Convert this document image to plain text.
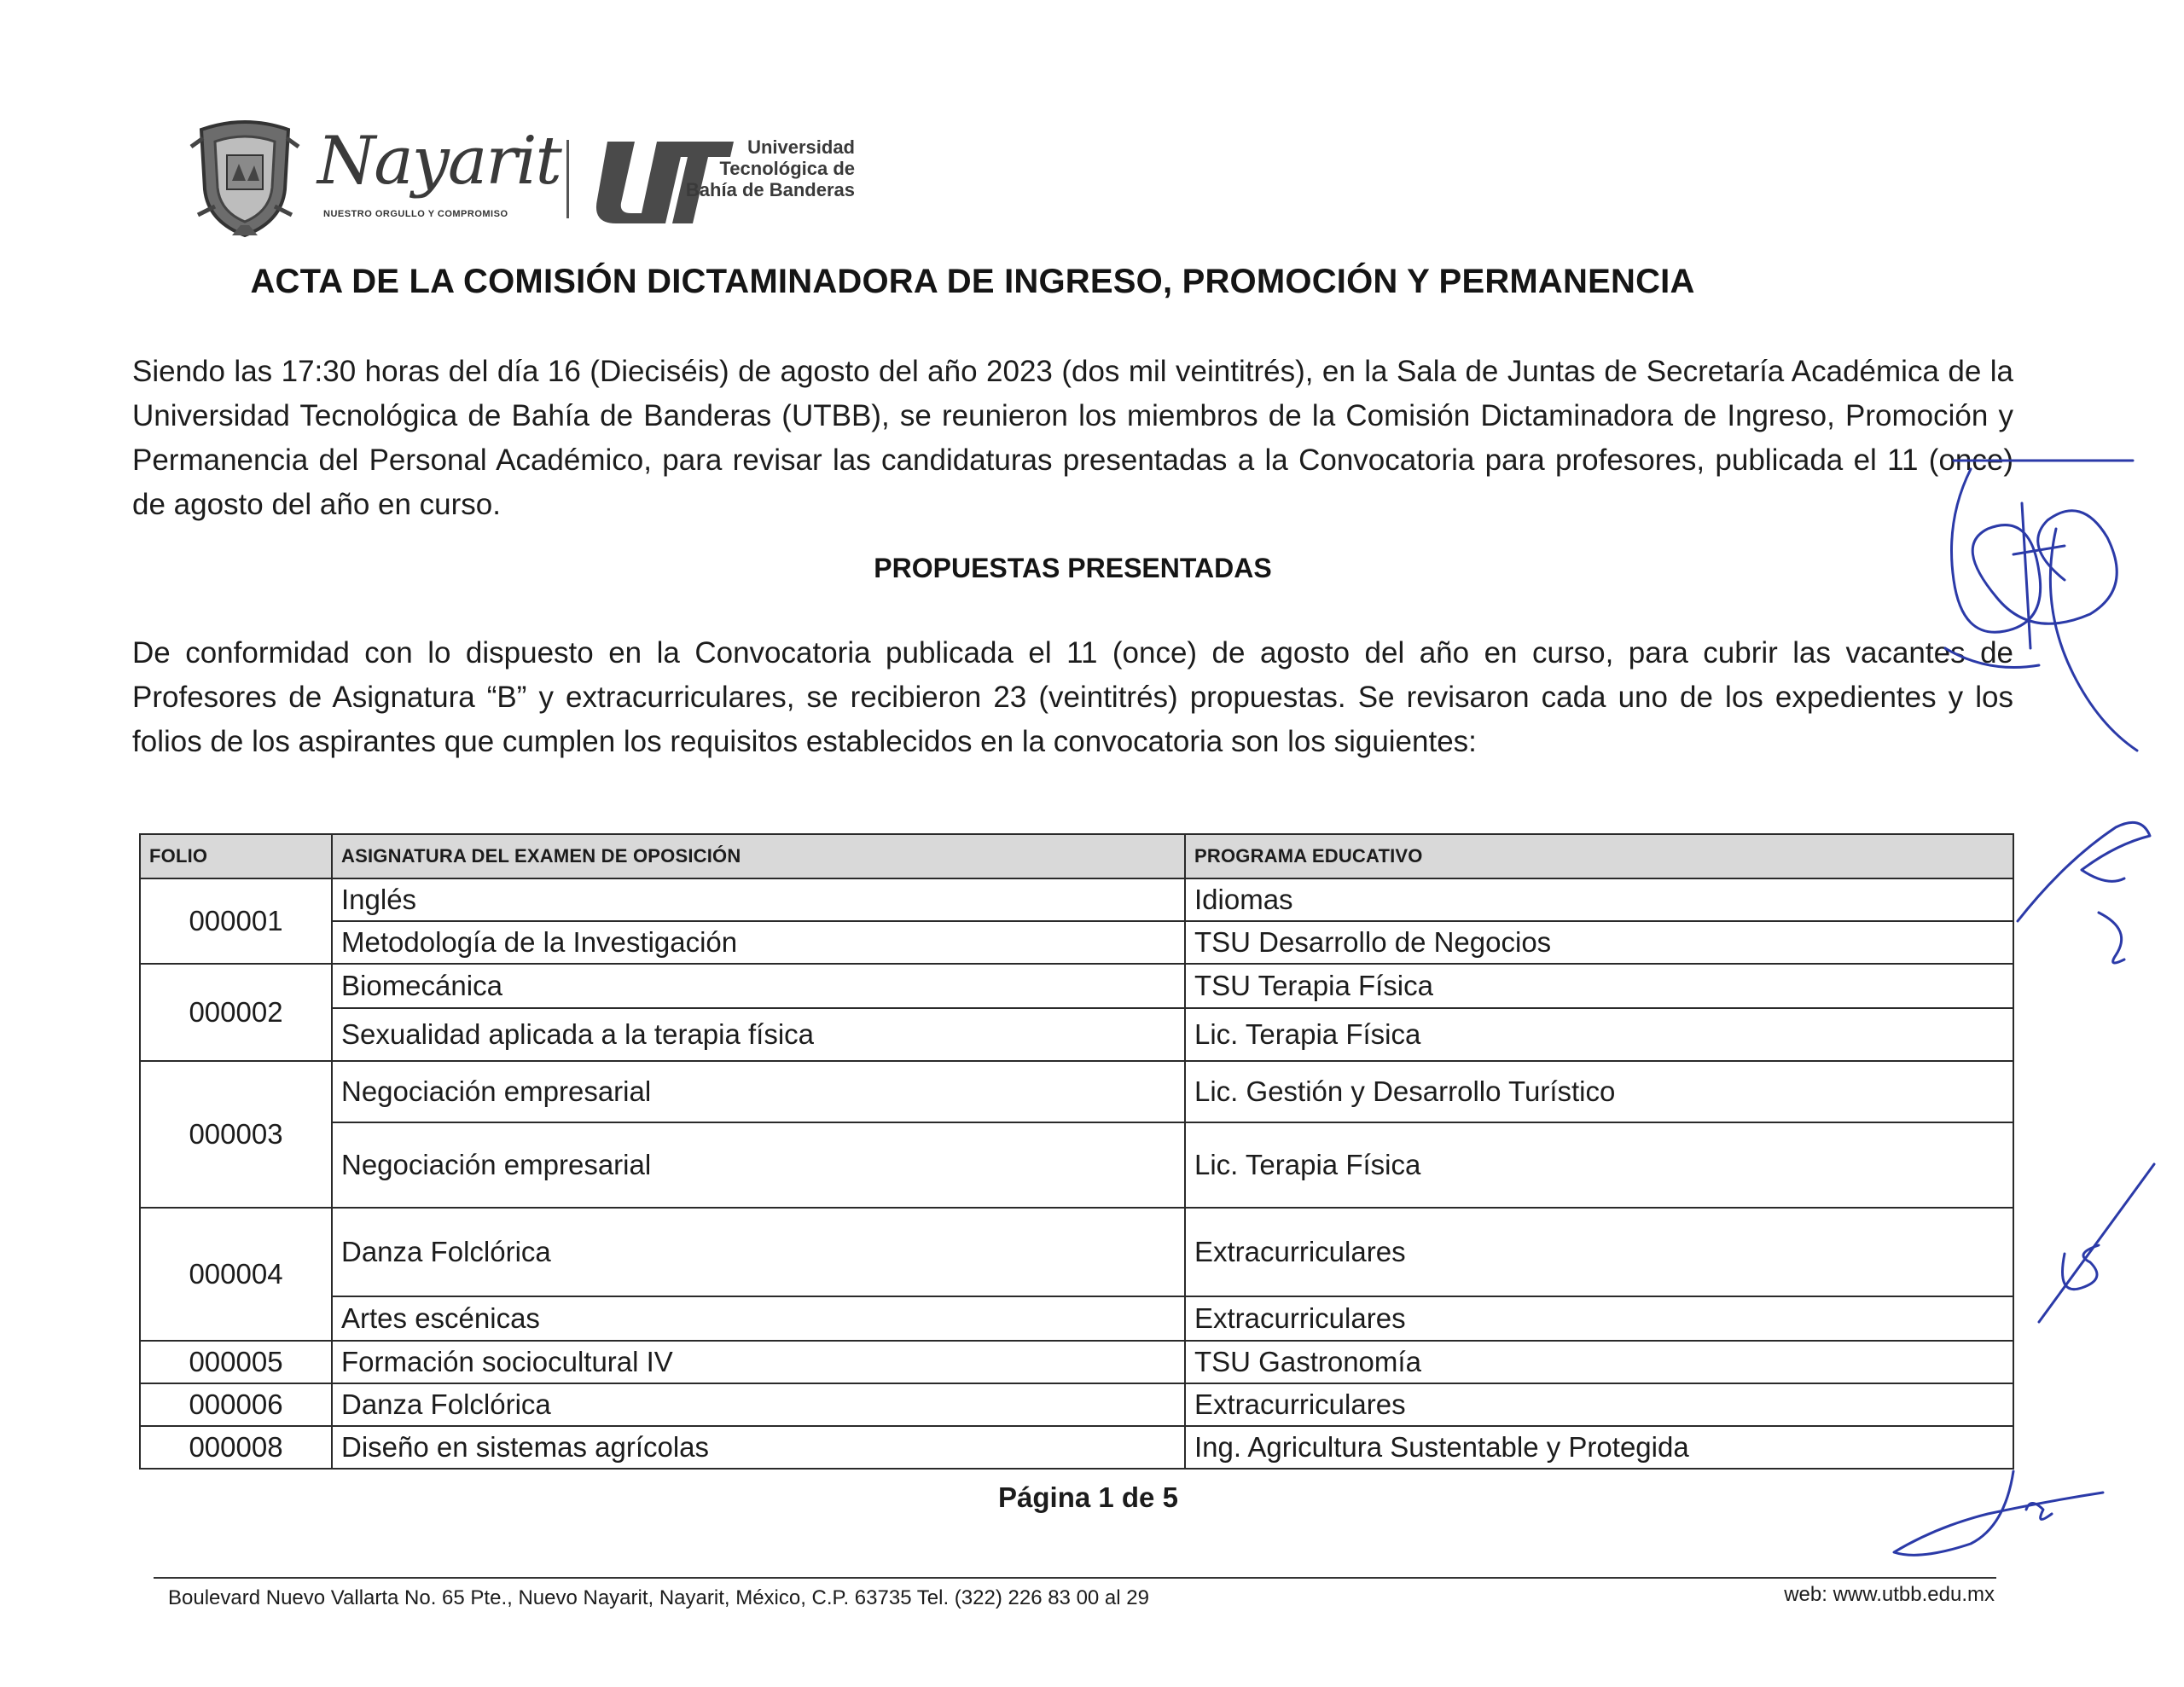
Nayarit
NUESTRO ORGULLO Y COMPROMISO
Universidad
Tecnológica de
Bahía de Banderas
ACTA DE LA COMISIÓN DICTAMINADORA DE INGRESO, PROMOCIÓN Y PERMANENCIA
Siendo las 17:30 horas del día 16 (Dieciséis) de agosto del año 2023 (dos mil veintitrés), en la Sala de Juntas de Secretaría Académica de la Universidad Tecnológica de Bahía de Banderas (UTBB), se reunieron los miembros de la Comisión Dictaminadora de Ingreso, Promoción y Permanencia del Personal Académico, para revisar las candidaturas presentadas a la Convocatoria para profesores, publicada el 11 (once) de agosto del año en curso.
PROPUESTAS PRESENTADAS
De conformidad con lo dispuesto en la Convocatoria publicada el 11 (once) de agosto del año en curso, para cubrir las vacantes de Profesores de Asignatura “B” y extracurriculares, se recibieron 23 (veintitrés) propuestas. Se revisaron cada uno de los expedientes y los folios de los aspirantes que cumplen los requisitos establecidos en la convocatoria son los siguientes:
FOLIO	ASIGNATURA DEL EXAMEN DE OPOSICIÓN	PROGRAMA EDUCATIVO
000001	Inglés	Idiomas
	Metodología de la Investigación	TSU Desarrollo de Negocios
000002	Biomecánica	TSU Terapia Física
	Sexualidad aplicada a la terapia física	Lic. Terapia Física
000003	Negociación empresarial	Lic. Gestión y Desarrollo Turístico
	Negociación empresarial	Lic. Terapia Física
000004	Danza Folclórica	Extracurriculares
	Artes escénicas	Extracurriculares
000005	Formación sociocultural IV	TSU Gastronomía
000006	Danza Folclórica	Extracurriculares
000008	Diseño en sistemas agrícolas	Ing. Agricultura Sustentable y Protegida
Página 1 de 5
Boulevard Nuevo Vallarta No. 65 Pte., Nuevo Nayarit, Nayarit, México, C.P. 63735 Tel. (322) 226 83 00 al 29	web: www.utbb.edu.mx
